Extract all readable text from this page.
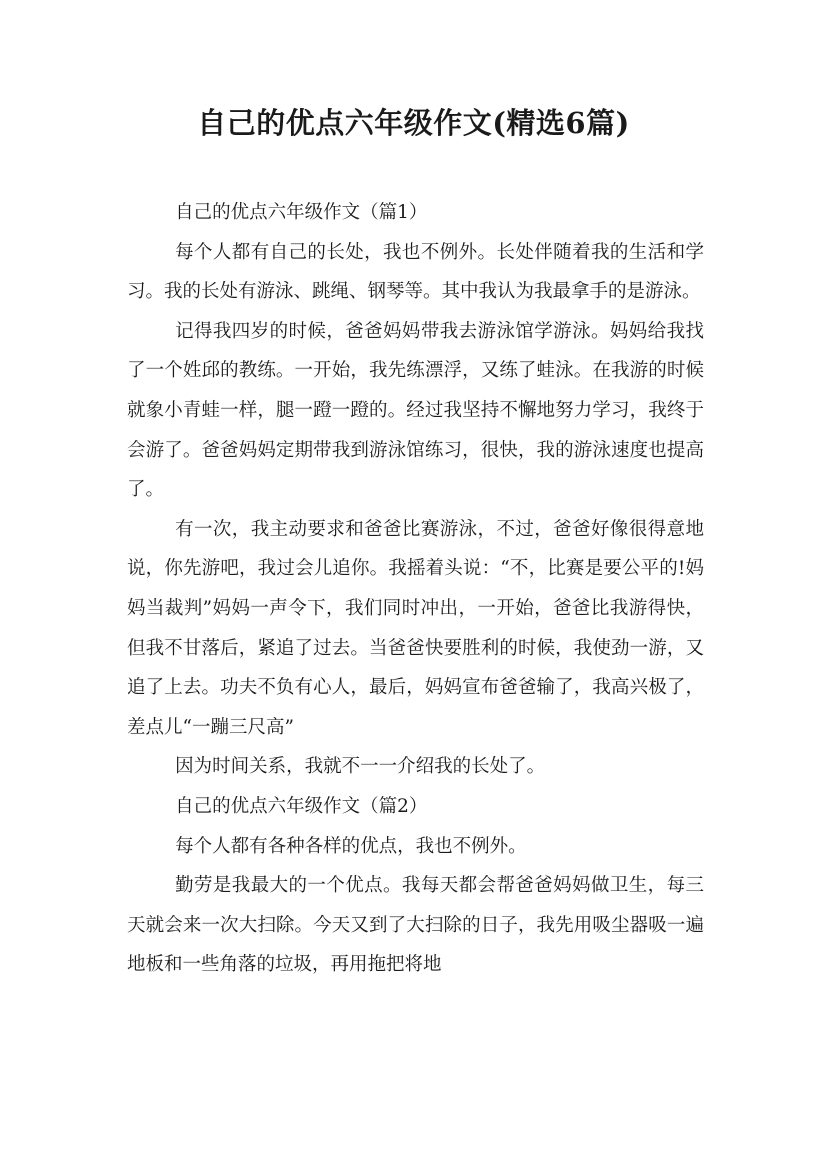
自己的优点六年级作文(精选6篇)

自己的优点六年级作文（篇1）

每个人都有自己的长处，我也不例外。长处伴随着我的生活和学习。我的长处有游泳、跳绳、钢琴等。其中我认为我最拿手的是游泳。

记得我四岁的时候，爸爸妈妈带我去游泳馆学游泳。妈妈给我找了一个姓邱的教练。一开始，我先练漂浮，又练了蛙泳。在我游的时候就象小青蛙一样，腿一蹬一蹬的。经过我坚持不懈地努力学习，我终于会游了。爸爸妈妈定期带我到游泳馆练习，很快，我的游泳速度也提高了。

有一次，我主动要求和爸爸比赛游泳，不过，爸爸好像很得意地说，你先游吧，我过会儿追你。我摇着头说：“不，比赛是要公平的!妈妈当裁判”妈妈一声令下，我们同时冲出，一开始，爸爸比我游得快，但我不甘落后，紧追了过去。当爸爸快要胜利的时候，我使劲一游，又追了上去。功夫不负有心人，最后，妈妈宣布爸爸输了，我高兴极了，差点儿“一蹦三尺高”

因为时间关系，我就不一一介绍我的长处了。

自己的优点六年级作文（篇2）

每个人都有各种各样的优点，我也不例外。

勤劳是我最大的一个优点。我每天都会帮爸爸妈妈做卫生，每三天就会来一次大扫除。今天又到了大扫除的日子，我先用吸尘器吸一遍地板和一些角落的垃圾，再用拖把将地
